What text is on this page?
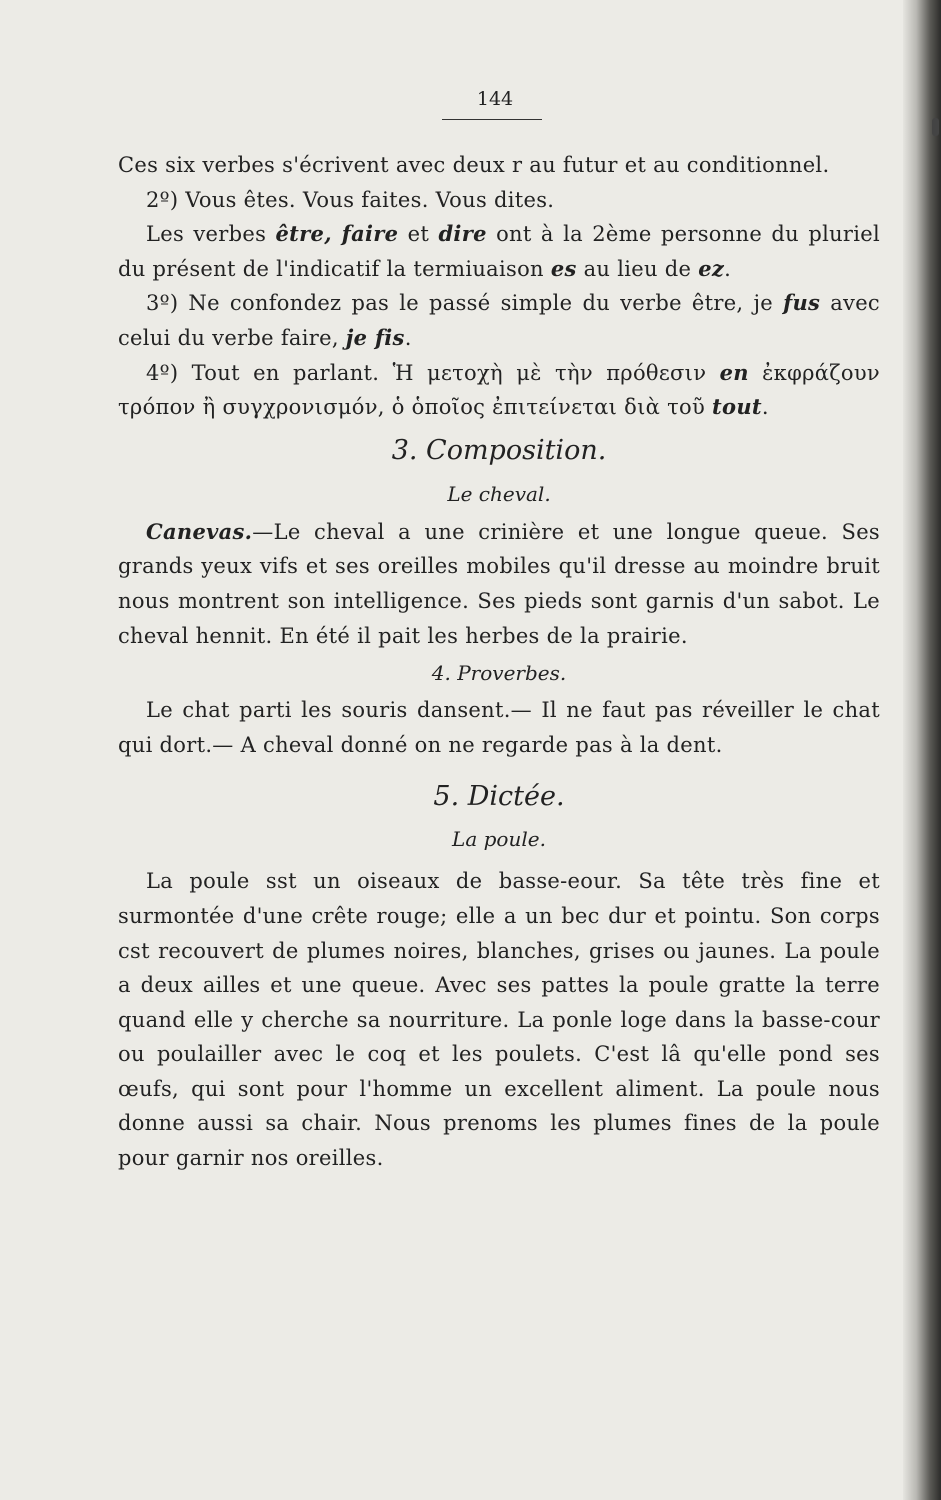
144

Ces six verbes s'écrivent avec deux r au futur et au conditionnel.

2º) Vous êtes. Vous faites. Vous dites.

Les verbes être, faire et dire ont à la 2ème personne du pluriel du présent de l'indicatif la termiuaison es au lieu de ez.

3º) Ne confondez pas le passé simple du verbe être, je fus avec celui du verbe faire, je fis.

4º) Tout en parlant. Ἡ μετοχὴ μὲ τὴν πρόθεσιν en ἐκφράζουν τρόπον ἢ συγχρονισμόν, ὁ ὁποῖος ἐπιτείνεται διὰ τοῦ tout.

3. Composition.

Le cheval.

Canevas.—Le cheval a une crinière et une longue queue. Ses grands yeux vifs et ses oreilles mobiles qu'il dresse au moindre bruit nous montrent son intelligence. Ses pieds sont garnis d'un sabot. Le cheval hennit. En été il pait les herbes de la prairie.

4. Proverbes.

Le chat parti les souris dansent.— Il ne faut pas réveiller le chat qui dort.— A cheval donné on ne regarde pas à la dent.

5. Dictée.

La poule.

La poule sst un oiseaux de basse-eour. Sa tête très fine et surmontée d'une crête rouge; elle a un bec dur et pointu. Son corps cst recouvert de plumes noires, blanches, grises ou jaunes. La poule a deux ailles et une queue. Avec ses pattes la poule gratte la terre quand elle y cherche sa nourriture. La ponle loge dans la basse-cour ou poulailler avec le coq et les poulets. C'est lâ qu'elle pond ses œufs, qui sont pour l'homme un excellent aliment. La poule nous donne aussi sa chair. Nous prenoms les plumes fines de la poule pour garnir nos oreilles.
